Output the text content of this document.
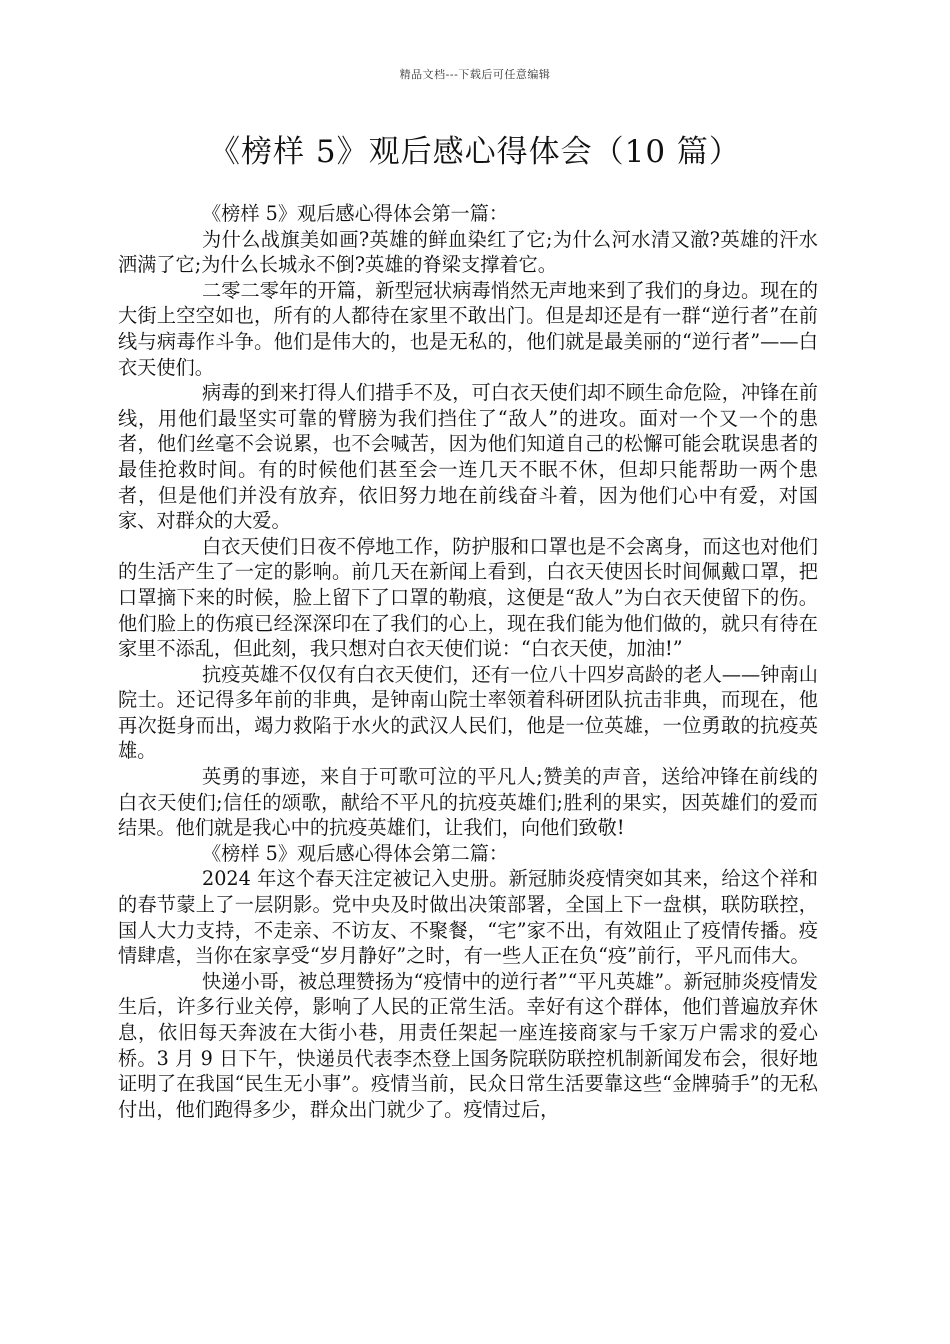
精品文档---下载后可任意编辑
《榜样 5》观后感心得体会（10 篇）

《榜样 5》观后感心得体会第一篇：

为什么战旗美如画?英雄的鲜血染红了它;为什么河水清又澈?英雄的汗水洒满了它;为什么长城永不倒?英雄的脊梁支撑着它。

二零二零年的开篇，新型冠状病毒悄然无声地来到了我们的身边。现在的大街上空空如也，所有的人都待在家里不敢出门。但是却还是有一群“逆行者”在前线与病毒作斗争。他们是伟大的，也是无私的，他们就是最美丽的“逆行者”——白衣天使们。

病毒的到来打得人们措手不及，可白衣天使们却不顾生命危险，冲锋在前线，用他们最坚实可靠的臂膀为我们挡住了“敌人”的进攻。面对一个又一个的患者，他们丝毫不会说累，也不会喊苦，因为他们知道自己的松懈可能会耽误患者的最佳抢救时间。有的时候他们甚至会一连几天不眠不休，但却只能帮助一两个患者，但是他们并没有放弃，依旧努力地在前线奋斗着，因为他们心中有爱，对国家、对群众的大爱。

白衣天使们日夜不停地工作，防护服和口罩也是不会离身，而这也对他们的生活产生了一定的影响。前几天在新闻上看到，白衣天使因长时间佩戴口罩，把口罩摘下来的时候，脸上留下了口罩的勒痕，这便是“敌人”为白衣天使留下的伤。他们脸上的伤痕已经深深印在了我们的心上，现在我们能为他们做的，就只有待在家里不添乱，但此刻，我只想对白衣天使们说：“白衣天使，加油!”

抗疫英雄不仅仅有白衣天使们，还有一位八十四岁高龄的老人——钟南山院士。还记得多年前的非典，是钟南山院士率领着科研团队抗击非典，而现在，他再次挺身而出，竭力救陷于水火的武汉人民们，他是一位英雄，一位勇敢的抗疫英雄。

英勇的事迹，来自于可歌可泣的平凡人;赞美的声音，送给冲锋在前线的白衣天使们;信任的颂歌，献给不平凡的抗疫英雄们;胜利的果实，因英雄们的爱而结果。他们就是我心中的抗疫英雄们，让我们，向他们致敬!

《榜样 5》观后感心得体会第二篇：

2024 年这个春天注定被记入史册。新冠肺炎疫情突如其来，给这个祥和的春节蒙上了一层阴影。党中央及时做出决策部署，全国上下一盘棋，联防联控，国人大力支持，不走亲、不访友、不聚餐，“宅”家不出，有效阻止了疫情传播。疫情肆虐，当你在家享受“岁月静好”之时，有一些人正在负“疫”前行，平凡而伟大。

快递小哥，被总理赞扬为“疫情中的逆行者”“平凡英雄”。新冠肺炎疫情发生后，许多行业关停，影响了人民的正常生活。幸好有这个群体，他们普遍放弃休息，依旧每天奔波在大街小巷，用责任架起一座连接商家与千家万户需求的爱心桥。3 月 9 日下午，快递员代表李杰登上国务院联防联控机制新闻发布会，很好地证明了在我国“民生无小事”。疫情当前，民众日常生活要靠这些“金牌骑手”的无私付出，他们跑得多少，群众出门就少了。疫情过后，
